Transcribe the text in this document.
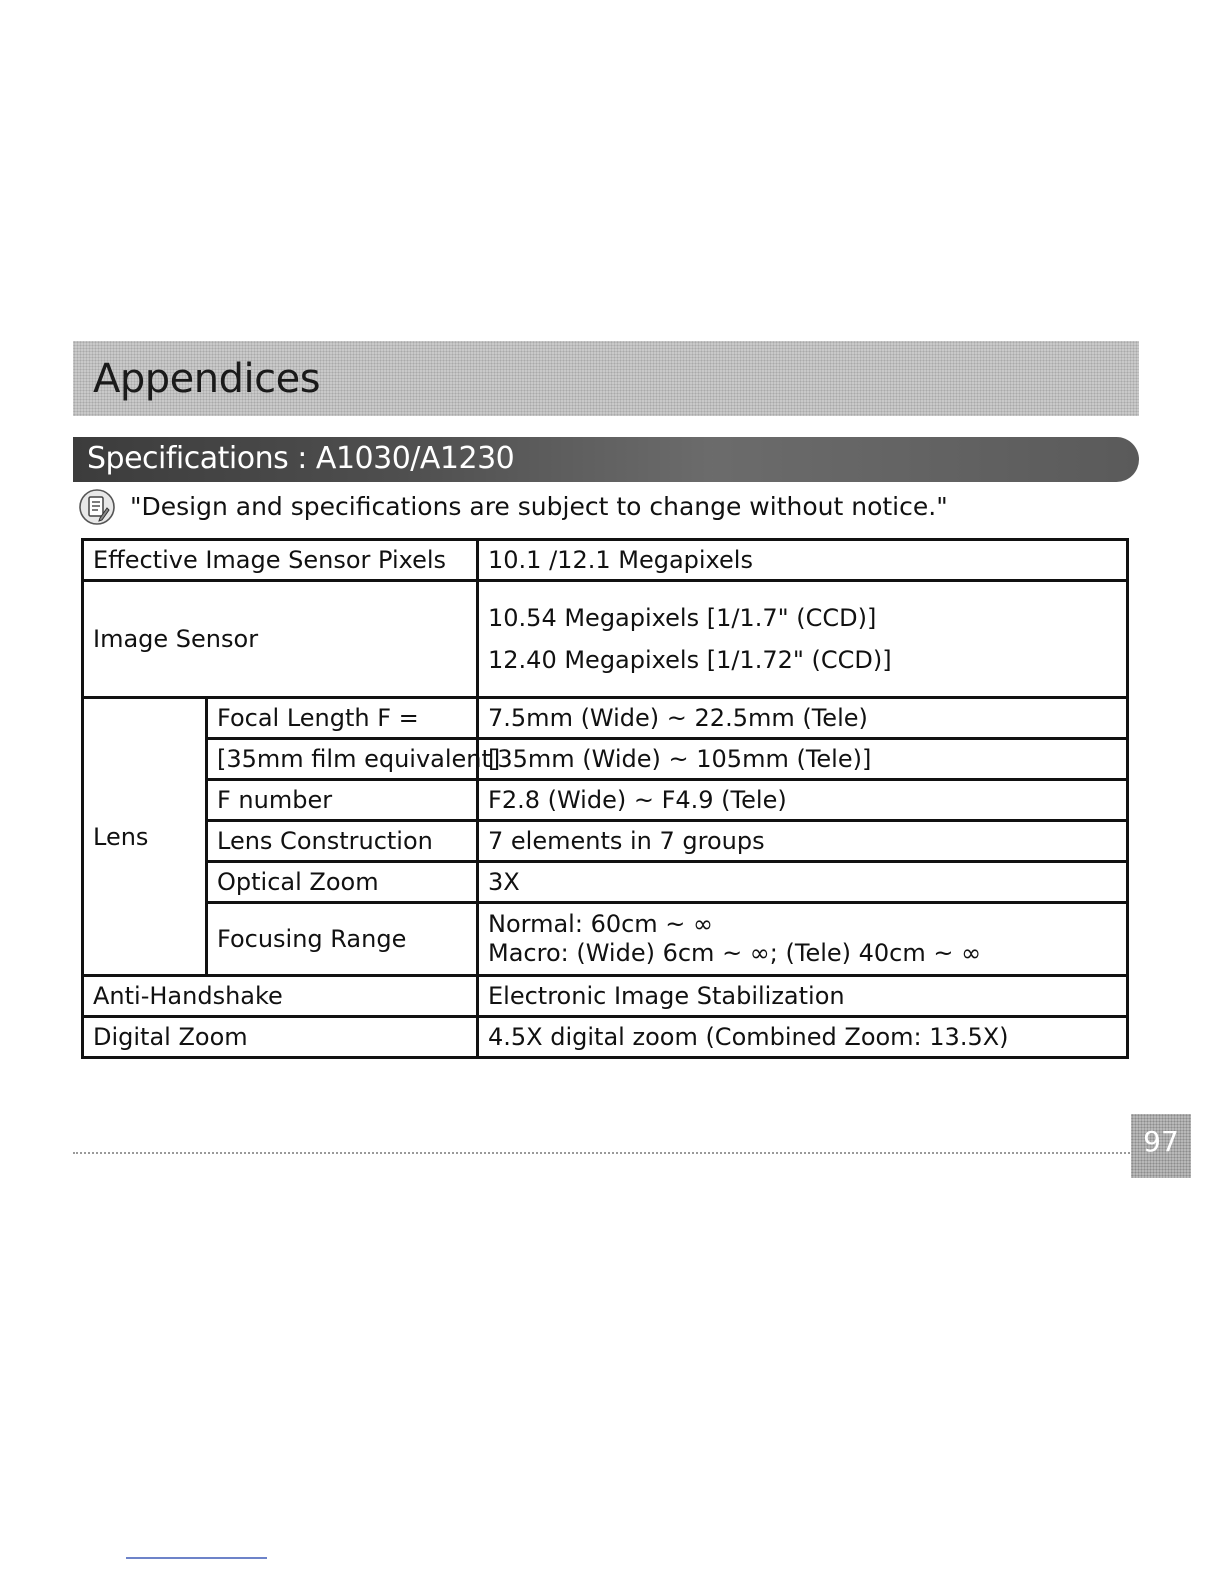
Appendices
Specifications : A1030/A1230
"Design and specifications are subject to change without notice."
Effective Image Sensor Pixels		10.1 /12.1 Megapixels
Image Sensor		10.54 Megapixels [1/1.7" (CCD)]
12.40 Megapixels [1/1.72" (CCD)]

Lens	Focal Length F =	7.5mm (Wide) ~ 22.5mm (Tele)
	[35mm film equivalent]	[35mm (Wide) ~ 105mm (Tele)]
	F number	F2.8 (Wide) ~ F4.9 (Tele)
	Lens Construction	7 elements in 7 groups
	Optical Zoom	3X
	Focusing Range	Normal: 60cm ~ ∞
Macro: (Wide) 6cm ~ ∞; (Tele) 40cm ~ ∞

Anti-Handshake		Electronic Image Stabilization
Digital Zoom		4.5X digital zoom (Combined Zoom: 13.5X)
97
